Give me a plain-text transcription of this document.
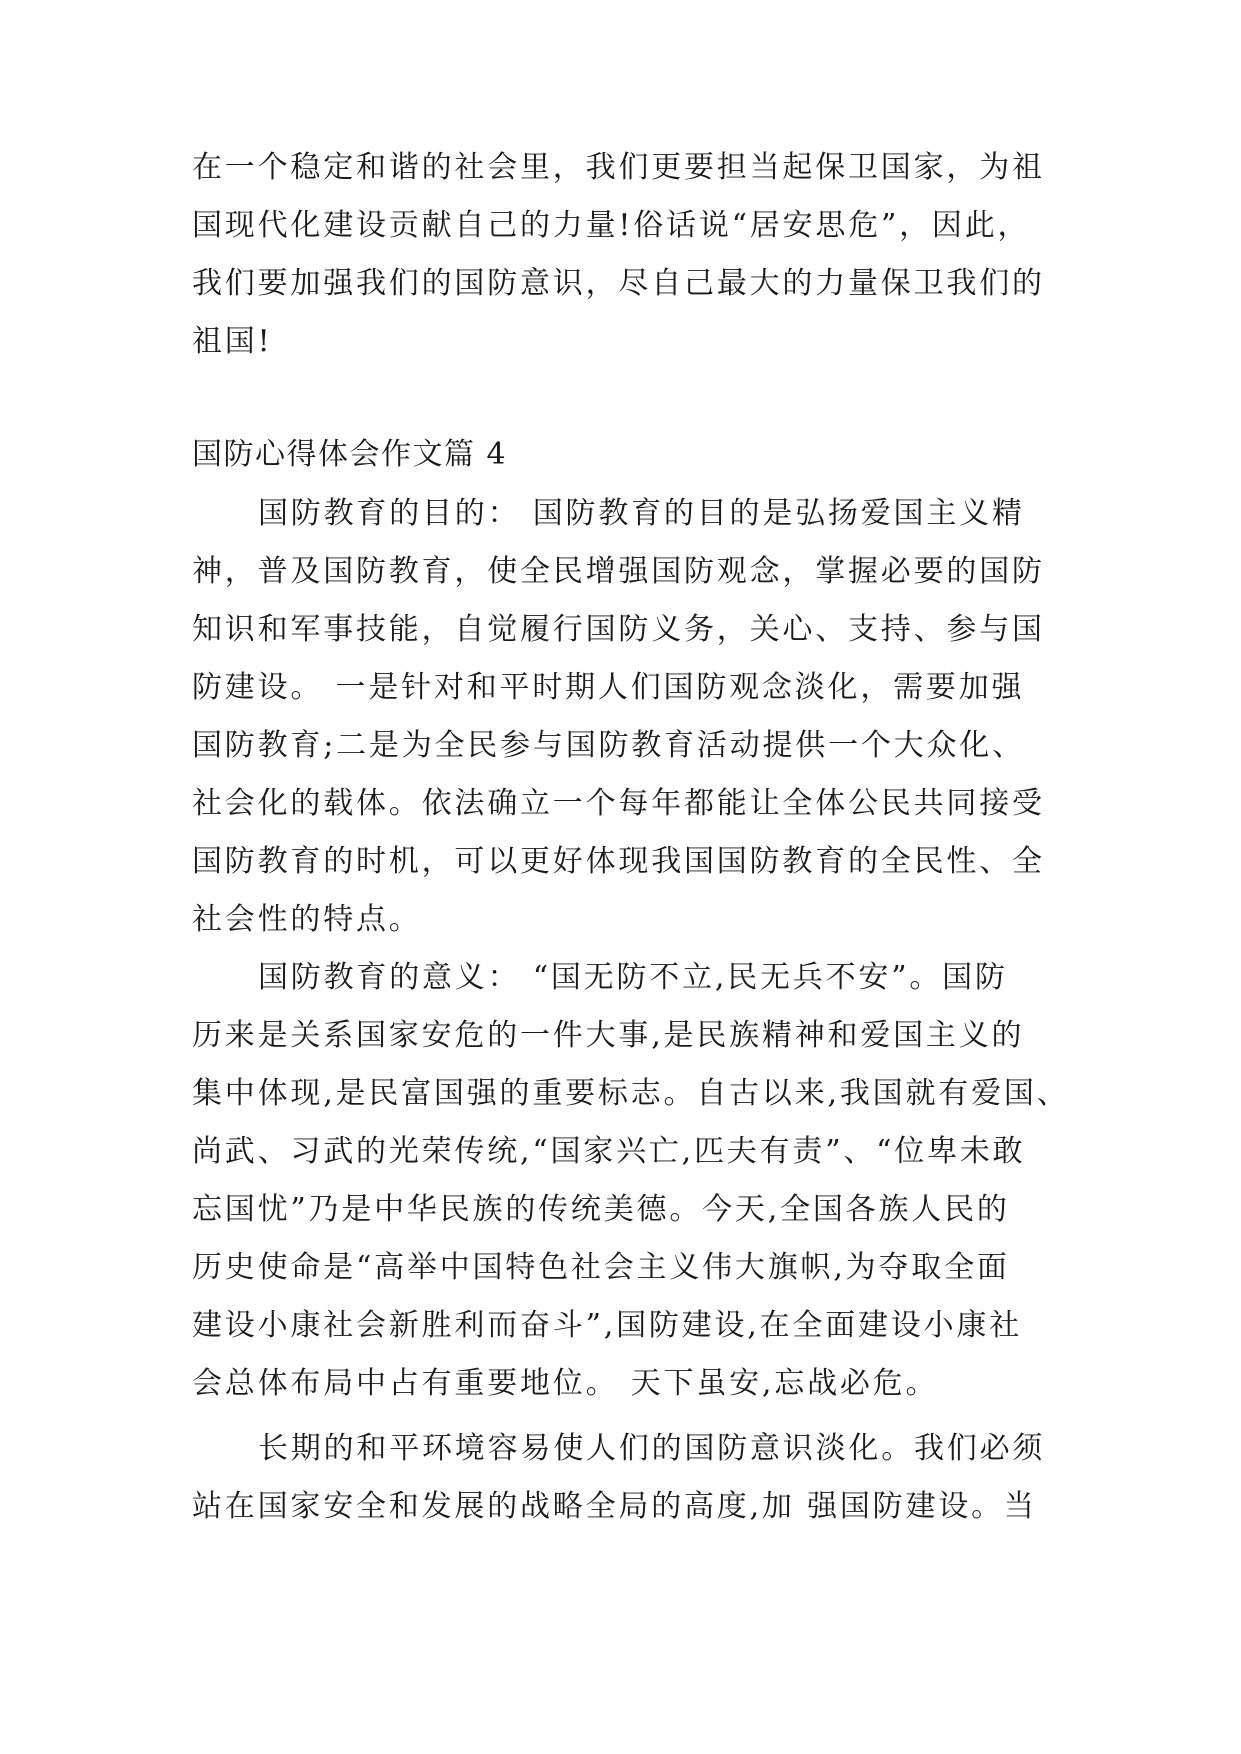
在一个稳定和谐的社会里，我们更要担当起保卫国家，为祖
国现代化建设贡献自己的力量!俗话说“居安思危”，因此，
我们要加强我们的国防意识，尽自己最大的力量保卫我们的
祖国!
国防心得体会作文篇 4
国防教育的目的： 国防教育的目的是弘扬爱国主义精
神，普及国防教育，使全民增强国防观念，掌握必要的国防
知识和军事技能，自觉履行国防义务，关心、支持、参与国
防建设。 一是针对和平时期人们国防观念淡化，需要加强
国防教育;二是为全民参与国防教育活动提供一个大众化、
社会化的载体。依法确立一个每年都能让全体公民共同接受
国防教育的时机，可以更好体现我国国防教育的全民性、全
社会性的特点。
国防教育的意义： “国无防不立,民无兵不安”。国防
历来是关系国家安危的一件大事,是民族精神和爱国主义的
集中体现,是民富国强的重要标志。自古以来,我国就有爱国、
尚武、习武的光荣传统,“国家兴亡,匹夫有责”、“位卑未敢
忘国忧”乃是中华民族的传统美德。今天,全国各族人民的
历史使命是“高举中国特色社会主义伟大旗帜,为夺取全面
建设小康社会新胜利而奋斗”,国防建设,在全面建设小康社
会总体布局中占有重要地位。 天下虽安,忘战必危。
长期的和平环境容易使人们的国防意识淡化。我们必须
站在国家安全和发展的战略全局的高度,加 强国防建设。当
